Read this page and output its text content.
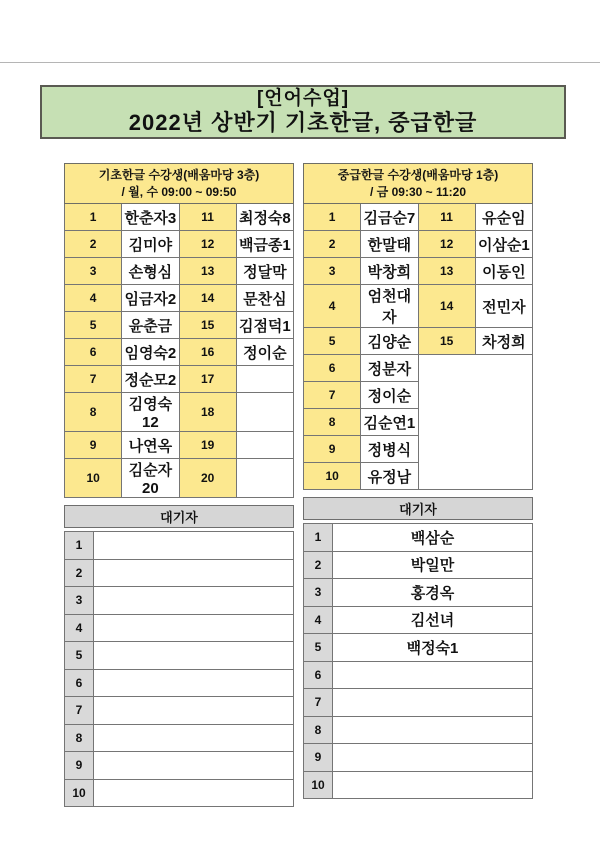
[언어수업]
2022년 상반기 기초한글, 중급한글
기초한글 수강생(배움마당 3층)
/ 월, 수 09:00 ~ 09:50			

1	한춘자3	11	최정숙8
2	김미야	12	백금종1
3	손형심	13	정달막
4	임금자2	14	문찬심
5	윤춘금	15	김점덕1
6	임영숙2	16	정이순
7	정순모2	17	
8	김영숙12	18	
9	나연옥	19	
10	김순자20	20	
대기자
1	
2	
3	
4	
5	
6	
7	
8	
9	
10	
중급한글 수강생(배움마당 1층)
/ 금 09:30 ~ 11:20			

1	김금순7	11	유순임
2	한말태	12	이삼순1
3	박창희	13	이동인
4	엄천대자	14	전민자
5	김양순	15	차정희
6	정분자		
7	정이순		
8	김순연1		
9	정병식		
10	유정남		
대기자
1	백삼순
2	박일만
3	홍경옥
4	김선녀
5	백정숙1
6	
7	
8	
9	
10	
